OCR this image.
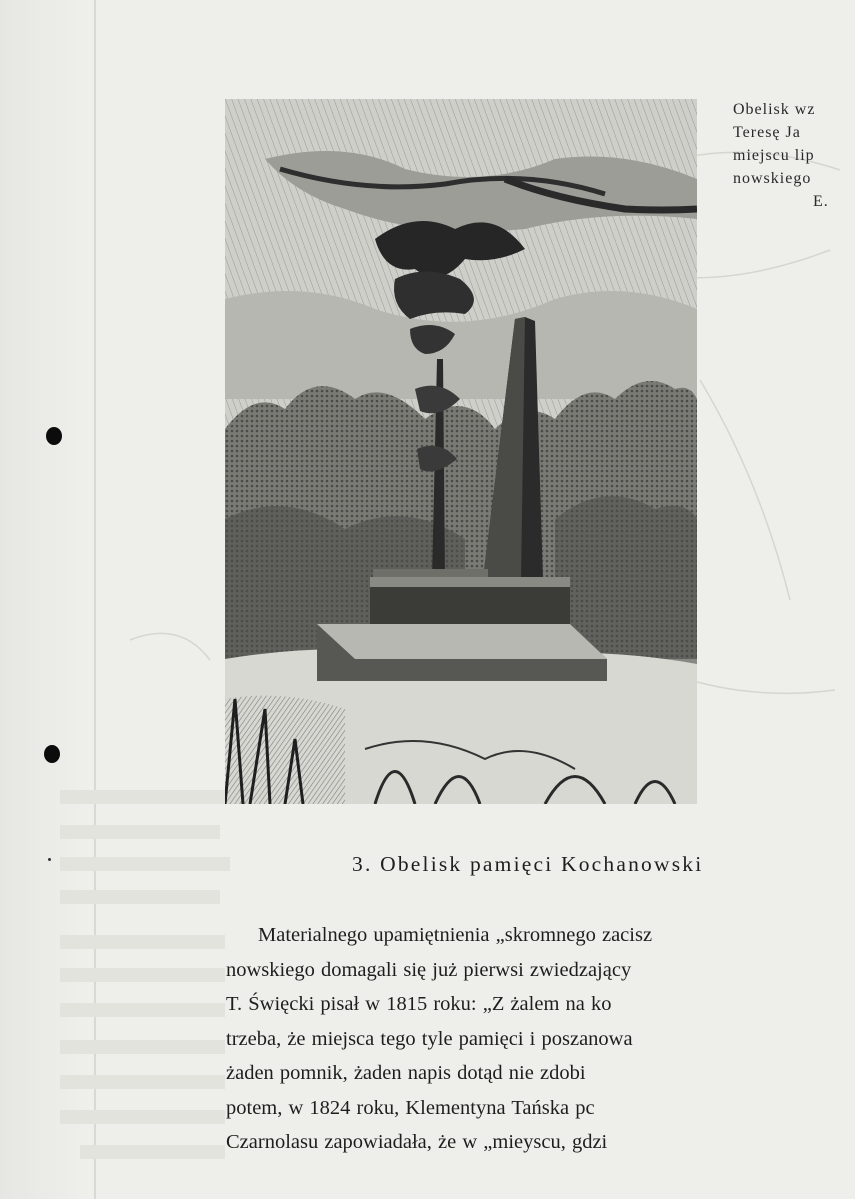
Obelisk wz
Teresę Ja
miejscu lip
nowskiego
E.
3. Obelisk pamięci Kochanowski
Materialnego upamiętnienia „skromnego zacisz
nowskiego domagali się już pierwsi zwiedzający
T. Święcki pisał w 1815 roku: „Z żalem na ko
trzeba, że miejsca tego tyle pamięci i poszanowa
żaden pomnik, żaden napis dotąd nie zdobi
potem, w 1824 roku, Klementyna Tańska pc
Czarnolasu zapowiadała, że w „mieyscu, gdzi
